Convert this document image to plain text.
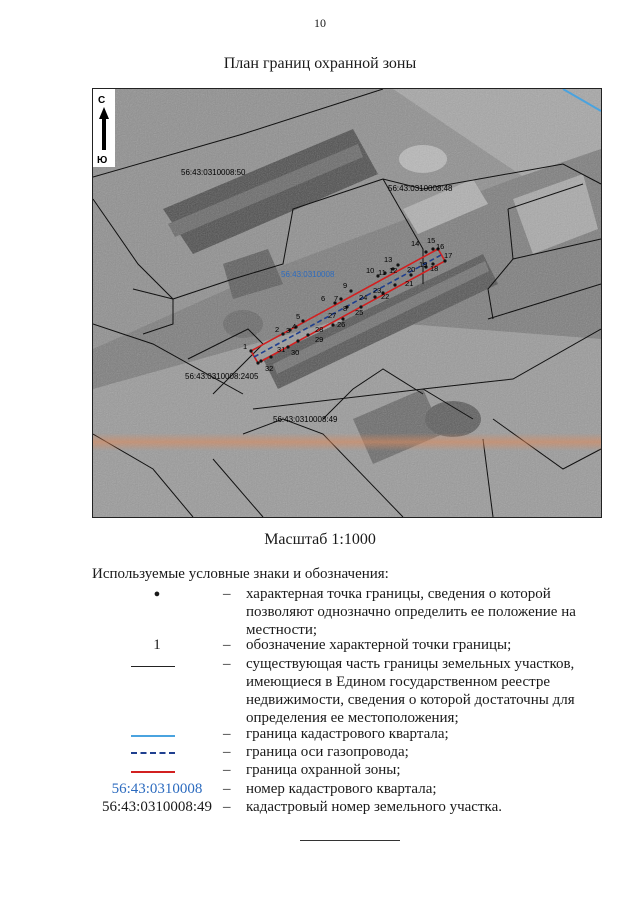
10
План границ охранной зоны
1
2 3 4
5
6 7
8
9
10 11 12
13
14 15
16
17
18
19
20
21
22
23
24
25
26
27
28
29
30
31
32
56:43:0310008:50
56:43:0310008:48
56:43:0310008
56:43:0310008:2405
56:43:0310008:49
С
Ю
Масштаб 1:1000
Используемые условные знаки и обозначения:
●	–	характерная точка границы, сведения о которой
позволяют однозначно определить ее положение на
местности;
1	–	обозначение характерной точки границы;
–	существующая часть границы земельных участков,
имеющиеся в Едином государственном реестре
недвижимости, сведения о которой достаточны для
определения ее местоположения;
–	граница кадастрового квартала;
–	граница оси газопровода;
–	граница охранной зоны;
56:43:0310008	–	номер кадастрового квартала;
56:43:0310008:49 –	кадастровый номер земельного участка.
